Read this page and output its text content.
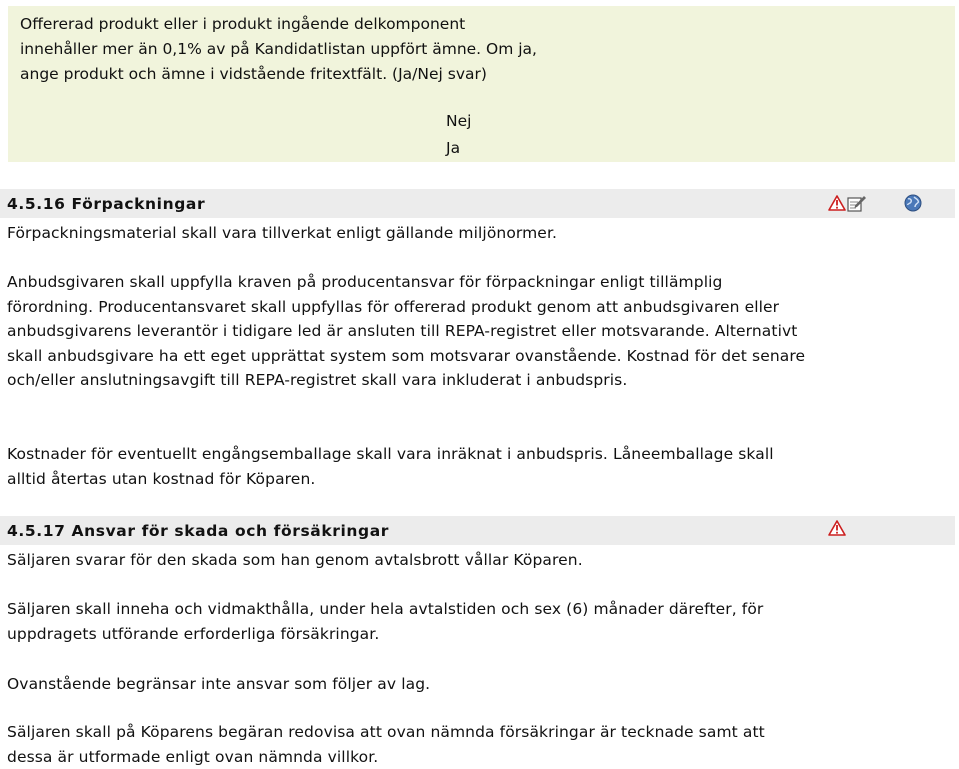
Offererad produkt eller i produkt ingående delkomponent innehåller mer än 0,1% av på Kandidatlistan uppfört ämne. Om ja, ange produkt och ämne i vidstående fritextfält. (Ja/Nej svar)

Nej
Ja
4.5.16 Förpackningar

Förpackningsmaterial skall vara tillverkat enligt gällande miljönormer.

Anbudsgivaren skall uppfylla kraven på producentansvar för förpackningar enligt tillämplig förordning. Producentansvaret skall uppfyllas för offererad produkt genom att anbudsgivaren eller anbudsgivarens leverantör i tidigare led är ansluten till REPA-registret eller motsvarande. Alternativt skall anbudsgivare ha ett eget upprättat system som motsvarar ovanstående. Kostnad för det senare och/eller anslutningsavgift till REPA-registret skall vara inkluderat i anbudspris.

Kostnader för eventuellt engångsemballage skall vara inräknat i anbudspris. Låneemballage skall alltid återtas utan kostnad för Köparen.

4.5.17 Ansvar för skada och försäkringar

Säljaren svarar för den skada som han genom avtalsbrott vållar Köparen.

Säljaren skall inneha och vidmakthålla, under hela avtalstiden och sex (6) månader därefter, för uppdragets utförande erforderliga försäkringar.

Ovanstående begränsar inte ansvar som följer av lag.

Säljaren skall på Köparens begäran redovisa att ovan nämnda försäkringar är tecknade samt att dessa är utformade enligt ovan nämnda villkor.
